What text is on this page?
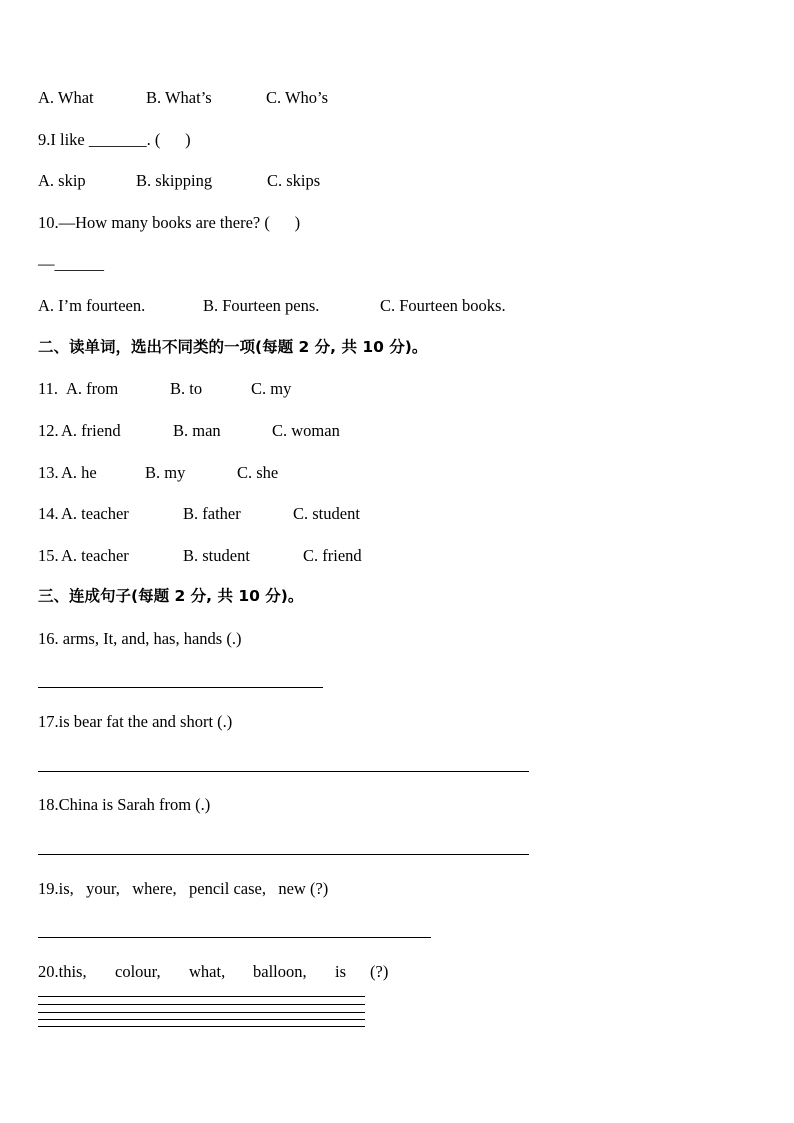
A. What

	B. What’s

	C. Who’s

9.I like _______. (      )

A. skip

	B. skipping

	C. skips

10.—How many books are there? (      )
—______

A. I’m fourteen.

	B. Fourteen pens.

	C. Fourteen books.

二、读单词，选出不同类的一项(每题 2 分, 共 10 分)。

11.

A. from

	B. to

	C. my

12.

A. friend

	B. man

	C. woman

13.

A. he

	B. my

	C. she

14.

A. teacher

	B. father

	C. student

15.

A. teacher

	B. student

	C. friend

三、连成句子(每题 2 分, 共 10 分)。
16. arms, It, and, has, hands (.)
17.is bear fat the and short (.)
18.China is Sarah from (.)
19.is,   your,   where,   pencil case,   new (?)

20.this,

colour,

what,

balloon,

is

(?)
